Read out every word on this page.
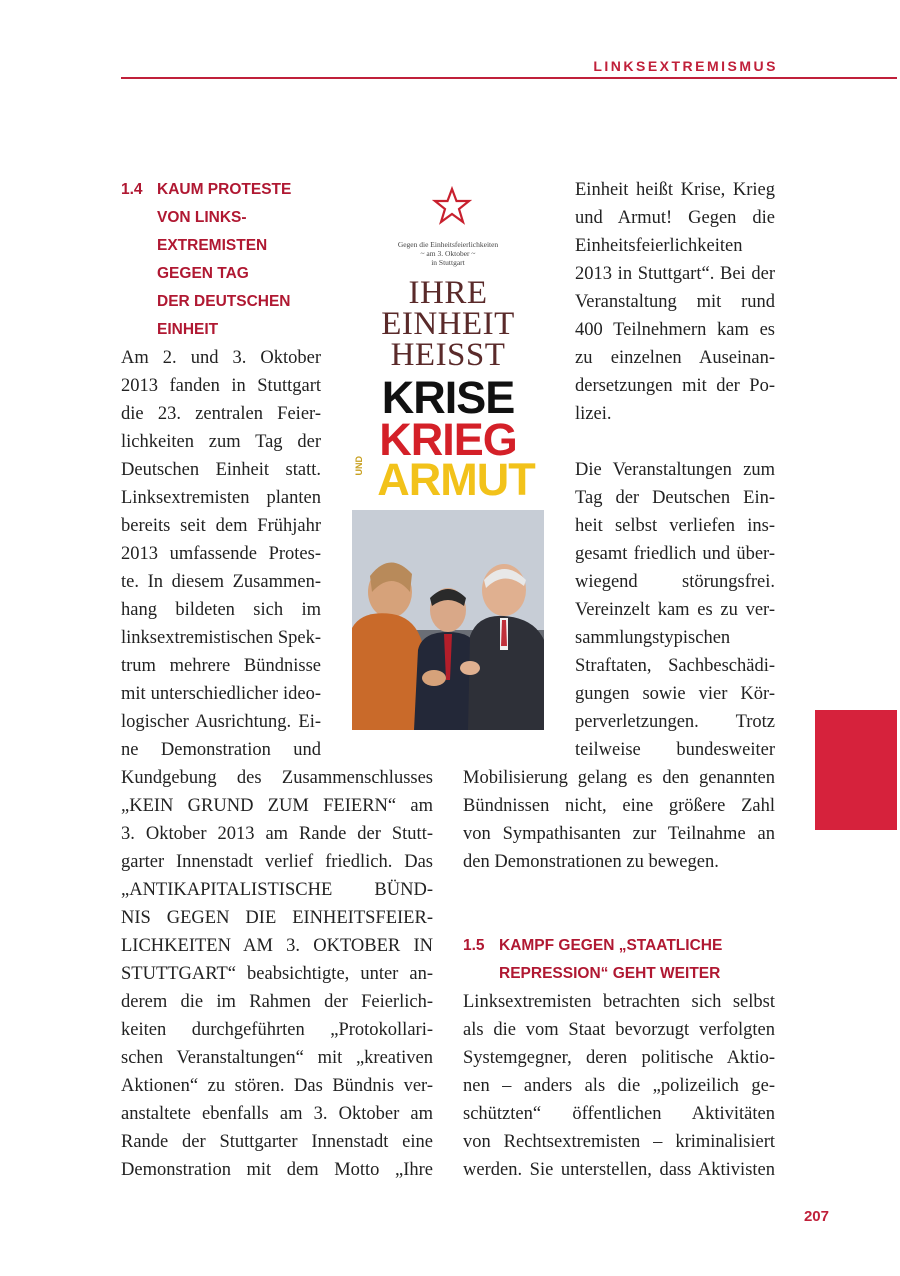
LINKSEXTREMISMUS
1.4 KAUM PROTESTE
VON LINKS-
EXTREMISTEN
GEGEN TAG
DER DEUTSCHEN
EINHEIT
Am 2. und 3. Oktober
2013 fanden in Stuttgart
die 23. zentralen Feier-
lichkeiten zum Tag der
Deutschen Einheit statt.
Linksextremisten planten
bereits seit dem Frühjahr
2013 umfassende Protes-
te. In diesem Zusammen-
hang bildeten sich im
linksextremistischen Spek-
trum mehrere Bündnisse
mit unterschiedlicher ideo-
logischer Ausrichtung. Ei-
ne Demonstration und
Kundgebung des Zusammenschlusses
„KEIN GRUND ZUM FEIERN“ am
3. Oktober 2013 am Rande der Stutt-
garter Innenstadt verlief friedlich. Das
„ANTIKAPITALISTISCHE BÜND-
NIS GEGEN DIE EINHEITSFEIER-
LICHKEITEN AM 3. OKTOBER IN
STUTTGART“ beabsichtigte, unter an-
derem die im Rahmen der Feierlich-
keiten durchgeführten „Protokollari-
schen Veranstaltungen“ mit „kreativen
Aktionen“ zu stören. Das Bündnis ver-
anstaltete ebenfalls am 3. Oktober am
Rande der Stuttgarter Innenstadt eine
Demonstration mit dem Motto „Ihre
Gegen die Einheitsfeierlichkeiten
~ am 3. Oktober ~
in Stuttgart
IHRE
EINHEIT
HEISST
KRISE
KRIEG
UND ARMUT
Einheit heißt Krise, Krieg
und Armut! Gegen die
Einheitsfeierlichkeiten
2013 in Stuttgart“. Bei der
Veranstaltung mit rund
400 Teilnehmern kam es
zu einzelnen Auseinan-
dersetzungen mit der Po-
lizei.
Die Veranstaltungen zum
Tag der Deutschen Ein-
heit selbst verliefen ins-
gesamt friedlich und über-
wiegend störungsfrei.
Vereinzelt kam es zu ver-
sammlungstypischen
Straftaten, Sachbeschädi-
gungen sowie vier Kör-
perverletzungen. Trotz
teilweise bundesweiter
Mobilisierung gelang es den genannten
Bündnissen nicht, eine größere Zahl
von Sympathisanten zur Teilnahme an
den Demonstrationen zu bewegen.
1.5 KAMPF GEGEN „STAATLICHE
REPRESSION“ GEHT WEITER
Linksextremisten betrachten sich selbst
als die vom Staat bevorzugt verfolgten
Systemgegner, deren politische Aktio-
nen – anders als die „polizeilich ge-
schützten“ öffentlichen Aktivitäten
von Rechtsextremisten – kriminalisiert
werden. Sie unterstellen, dass Aktivisten
207
